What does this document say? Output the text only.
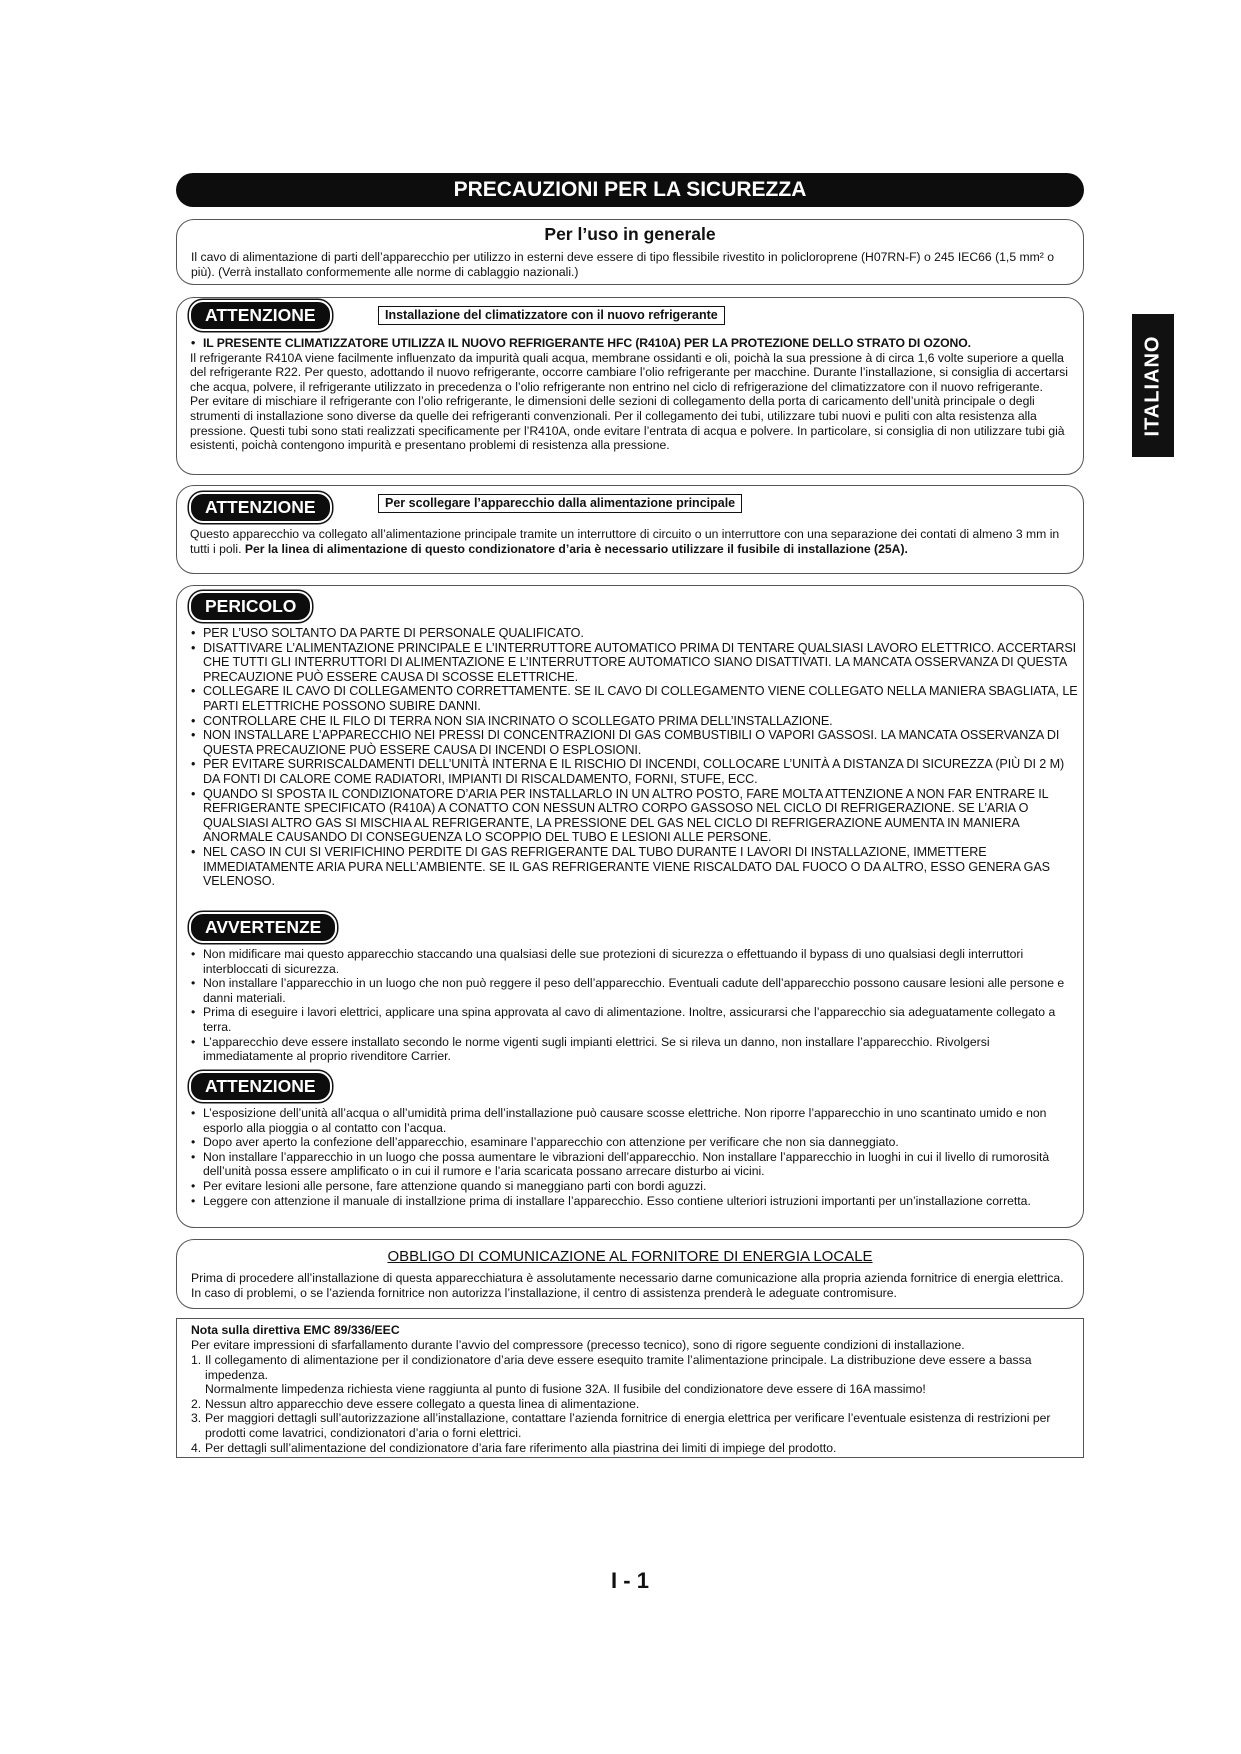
PRECAUZIONI PER LA SICUREZZA
ITALIANO
Per l’uso in generale
Il cavo di alimentazione di parti dell’apparecchio per utilizzo in esterni deve essere di tipo flessibile rivestito in policloroprene (H07RN-F) o 245 IEC66 (1,5 mm² o più). (Verrà installato conformemente alle norme di cablaggio nazionali.)
ATTENZIONE	Installazione del climatizzatore con il nuovo refrigerante
• IL PRESENTE CLIMATIZZATORE UTILIZZA IL NUOVO REFRIGERANTE HFC (R410A) PER LA PROTEZIONE DELLO STRATO DI OZONO.
Il refrigerante R410A viene facilmente influenzato da impurità quali acqua, membrane ossidanti e oli, poichà la sua pressione à di circa 1,6 volte superiore a quella del refrigerante R22. Per questo, adottando il nuovo refrigerante, occorre cambiare l’olio refrigerante per macchine. Durante l’installazione, si consiglia di accertarsi che acqua, polvere, il refrigerante utilizzato in precedenza o l’olio refrigerante non entrino nel ciclo di refrigerazione del climatizzatore con il nuovo refrigerante.
Per evitare di mischiare il refrigerante con l’olio refrigerante, le dimensioni delle sezioni di collegamento della porta di caricamento dell’unità principale o degli strumenti di installazione sono diverse da quelle dei refrigeranti convenzionali. Per il collegamento dei tubi, utilizzare tubi nuovi e puliti con alta resistenza alla pressione. Questi tubi sono stati realizzati specificamente per l’R410A, onde evitare l’entrata di acqua e polvere. In particolare, si consiglia di non utilizzare tubi già esistenti, poichà contengono impurità e presentano problemi di resistenza alla pressione.
ATTENZIONE	Per scollegare l’apparecchio dalla alimentazione principale
Questo apparecchio va collegato all’alimentazione principale tramite un interruttore di circuito o un interruttore con una separazione dei contati di almeno 3 mm in tutti i poli. Per la linea di alimentazione di questo condizionatore d’aria è necessario utilizzare il fusibile di installazione (25A).
PERICOLO
• PER L’USO SOLTANTO DA PARTE DI PERSONALE QUALIFICATO.
• DISATTIVARE L’ALIMENTAZIONE PRINCIPALE E L’INTERRUTTORE AUTOMATICO PRIMA DI TENTARE QUALSIASI LAVORO ELETTRICO. ACCERTARSI CHE TUTTI GLI INTERRUTTORI DI ALIMENTAZIONE E L’INTERRUTTORE AUTOMATICO SIANO DISATTIVATI. LA MANCATA OSSERVANZA DI QUESTA PRECAUZIONE PUÒ ESSERE CAUSA DI SCOSSE ELETTRICHE.
• COLLEGARE IL CAVO DI COLLEGAMENTO CORRETTAMENTE. SE IL CAVO DI COLLEGAMENTO VIENE COLLEGATO NELLA MANIERA SBAGLIATA, LE PARTI ELETTRICHE POSSONO SUBIRE DANNI.
• CONTROLLARE CHE IL FILO DI TERRA NON SIA INCRINATO O SCOLLEGATO PRIMA DELL’INSTALLAZIONE.
• NON INSTALLARE L’APPARECCHIO NEI PRESSI DI CONCENTRAZIONI DI GAS COMBUSTIBILI O VAPORI GASSOSI. LA MANCATA OSSERVANZA DI QUESTA PRECAUZIONE PUÒ ESSERE CAUSA DI INCENDI O ESPLOSIONI.
• PER EVITARE SURRISCALDAMENTI DELL’UNITÀ INTERNA E IL RISCHIO DI INCENDI, COLLOCARE L’UNITÀ A DISTANZA DI SICUREZZA (PIÙ DI 2 M) DA FONTI DI CALORE COME RADIATORI, IMPIANTI DI RISCALDAMENTO, FORNI, STUFE, ECC.
• QUANDO SI SPOSTA IL CONDIZIONATORE D’ARIA PER INSTALLARLO IN UN ALTRO POSTO, FARE MOLTA ATTENZIONE A NON FAR ENTRARE IL REFRIGERANTE SPECIFICATO (R410A) A CONATTO CON NESSUN ALTRO CORPO GASSOSO NEL CICLO DI REFRIGERAZIONE. SE L’ARIA O QUALSIASI ALTRO GAS SI MISCHIA AL REFRIGERANTE, LA PRESSIONE DEL GAS NEL CICLO DI REFRIGERAZIONE AUMENTA IN MANIERA ANORMALE CAUSANDO DI CONSEGUENZA LO SCOPPIO DEL TUBO E LESIONI ALLE PERSONE.
• NEL CASO IN CUI SI VERIFICHINO PERDITE DI GAS REFRIGERANTE DAL TUBO DURANTE I LAVORI DI INSTALLAZIONE, IMMETTERE IMMEDIATAMENTE ARIA PURA NELL’AMBIENTE. SE IL GAS REFRIGERANTE VIENE RISCALDATO DAL FUOCO O DA ALTRO, ESSO GENERA GAS VELENOSO.
AVVERTENZE
• Non midificare mai questo apparecchio staccando una qualsiasi delle sue protezioni di sicurezza o effettuando il bypass di uno qualsiasi degli interruttori interbloccati di sicurezza.
• Non installare l’apparecchio in un luogo che non può reggere il peso dell’apparecchio. Eventuali cadute dell’apparecchio possono causare lesioni alle persone e danni materiali.
• Prima di eseguire i lavori elettrici, applicare una spina approvata al cavo di alimentazione. Inoltre, assicurarsi che l’apparecchio sia adeguatamente collegato a terra.
• L’apparecchio deve essere installato secondo le norme vigenti sugli impianti elettrici. Se si rileva un danno, non installare l’apparecchio. Rivolgersi immediatamente al proprio rivenditore Carrier.
ATTENZIONE
• L’esposizione dell’unità all’acqua o all’umidità prima dell’installazione può causare scosse elettriche. Non riporre l’apparecchio in uno scantinato umido e non esporlo alla pioggia o al contatto con l’acqua.
• Dopo aver aperto la confezione dell’apparecchio, esaminare l’apparecchio con attenzione per verificare che non sia danneggiato.
• Non installare l’apparecchio in un luogo che possa aumentare le vibrazioni dell’apparecchio. Non installare l’apparecchio in luoghi in cui il livello di rumorosità dell’unità possa essere amplificato o in cui il rumore e l’aria scaricata possano arrecare disturbo ai vicini.
• Per evitare lesioni alle persone, fare attenzione quando si maneggiano parti con bordi aguzzi.
• Leggere con attenzione il manuale di installzione prima di installare l’apparecchio. Esso contiene ulteriori istruzioni importanti per un’installazione corretta.
OBBLIGO DI COMUNICAZIONE AL FORNITORE DI ENERGIA LOCALE
Prima di procedere all’installazione di questa apparecchiatura è assolutamente necessario darne comunicazione alla propria azienda fornitrice di energia elettrica. In caso di problemi, o se l’azienda fornitrice non autorizza l’installazione, il centro di assistenza prenderà le adeguate contromisure.
Nota sulla direttiva EMC 89/336/EEC
Per evitare impressioni di sfarfallamento durante l’avvio del compressore (precesso tecnico), sono di rigore seguente condizioni di installazione.
1. Il collegamento di alimentazione per il condizionatore d’aria deve essere esequito tramite l’alimentazione principale. La distribuzione deve essere a bassa impedenza.
Normalmente limpedenza richiesta viene raggiunta al punto di fusione 32A. Il fusibile del condizionatore deve essere di 16A massimo!
2. Nessun altro apparecchio deve essere collegato a questa linea di alimentazione.
3. Per maggiori dettagli sull’autorizzazione all’installazione, contattare l’azienda fornitrice di energia elettrica per verificare l’eventuale esistenza di restrizioni per prodotti come lavatrici, condizionatori d’aria o forni elettrici.
4. Per dettagli sull’alimentazione del condizionatore d’aria fare riferimento alla piastrina dei limiti di impiege del prodotto.
I - 1
